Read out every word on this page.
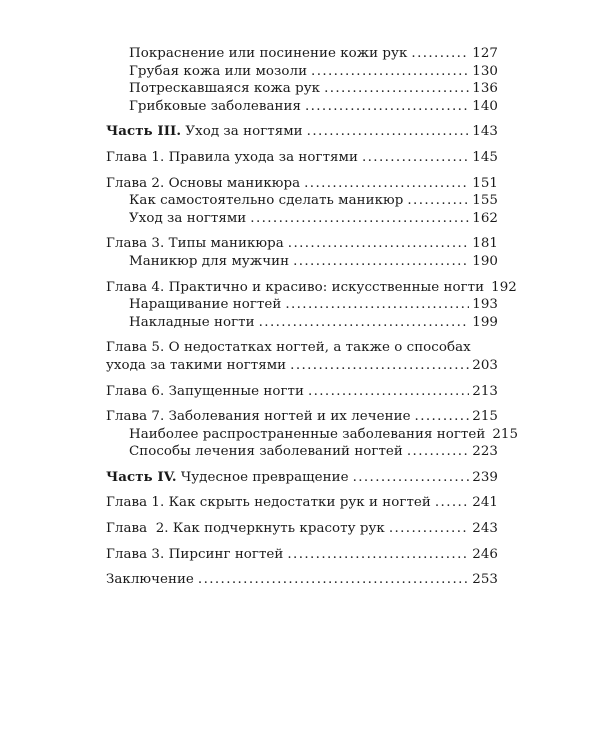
Покраснение или посинение кожи рук .....	127
Грубая кожа или мозоли .....	130
Потрескавшаяся кожа рук .....	136
Грибковые заболевания .....	140
Часть III. Уход за ногтями .....	143
Глава 1. Правила ухода за ногтями .....	145
Глава 2. Основы маникюра .....	151
Как самостоятельно сделать маникюр .....	155
Уход за ногтями .....	162
Глава 3. Типы маникюра .....	181
Маникюр для мужчин .....	190
Глава 4. Практично и красиво: искусственные ногти 192
Наращивание ногтей .....	193
Накладные ногти .....	199
Глава 5. О недостатках ногтей, а также о способах
ухода за такими ногтями .....	203
Глава 6. Запущенные ногти .....	213
Глава 7. Заболевания ногтей и их лечение .....	215
Наиболее распространенные заболевания ногтей 215
Способы лечения заболеваний ногтей .....	223
Часть IV. Чудесное превращение .....	239
Глава 1. Как скрыть недостатки рук и ногтей .....	241
Глава  2. Как подчеркнуть красоту рук .....	243
Глава 3. Пирсинг ногтей .....	246
Заключение .....	253
